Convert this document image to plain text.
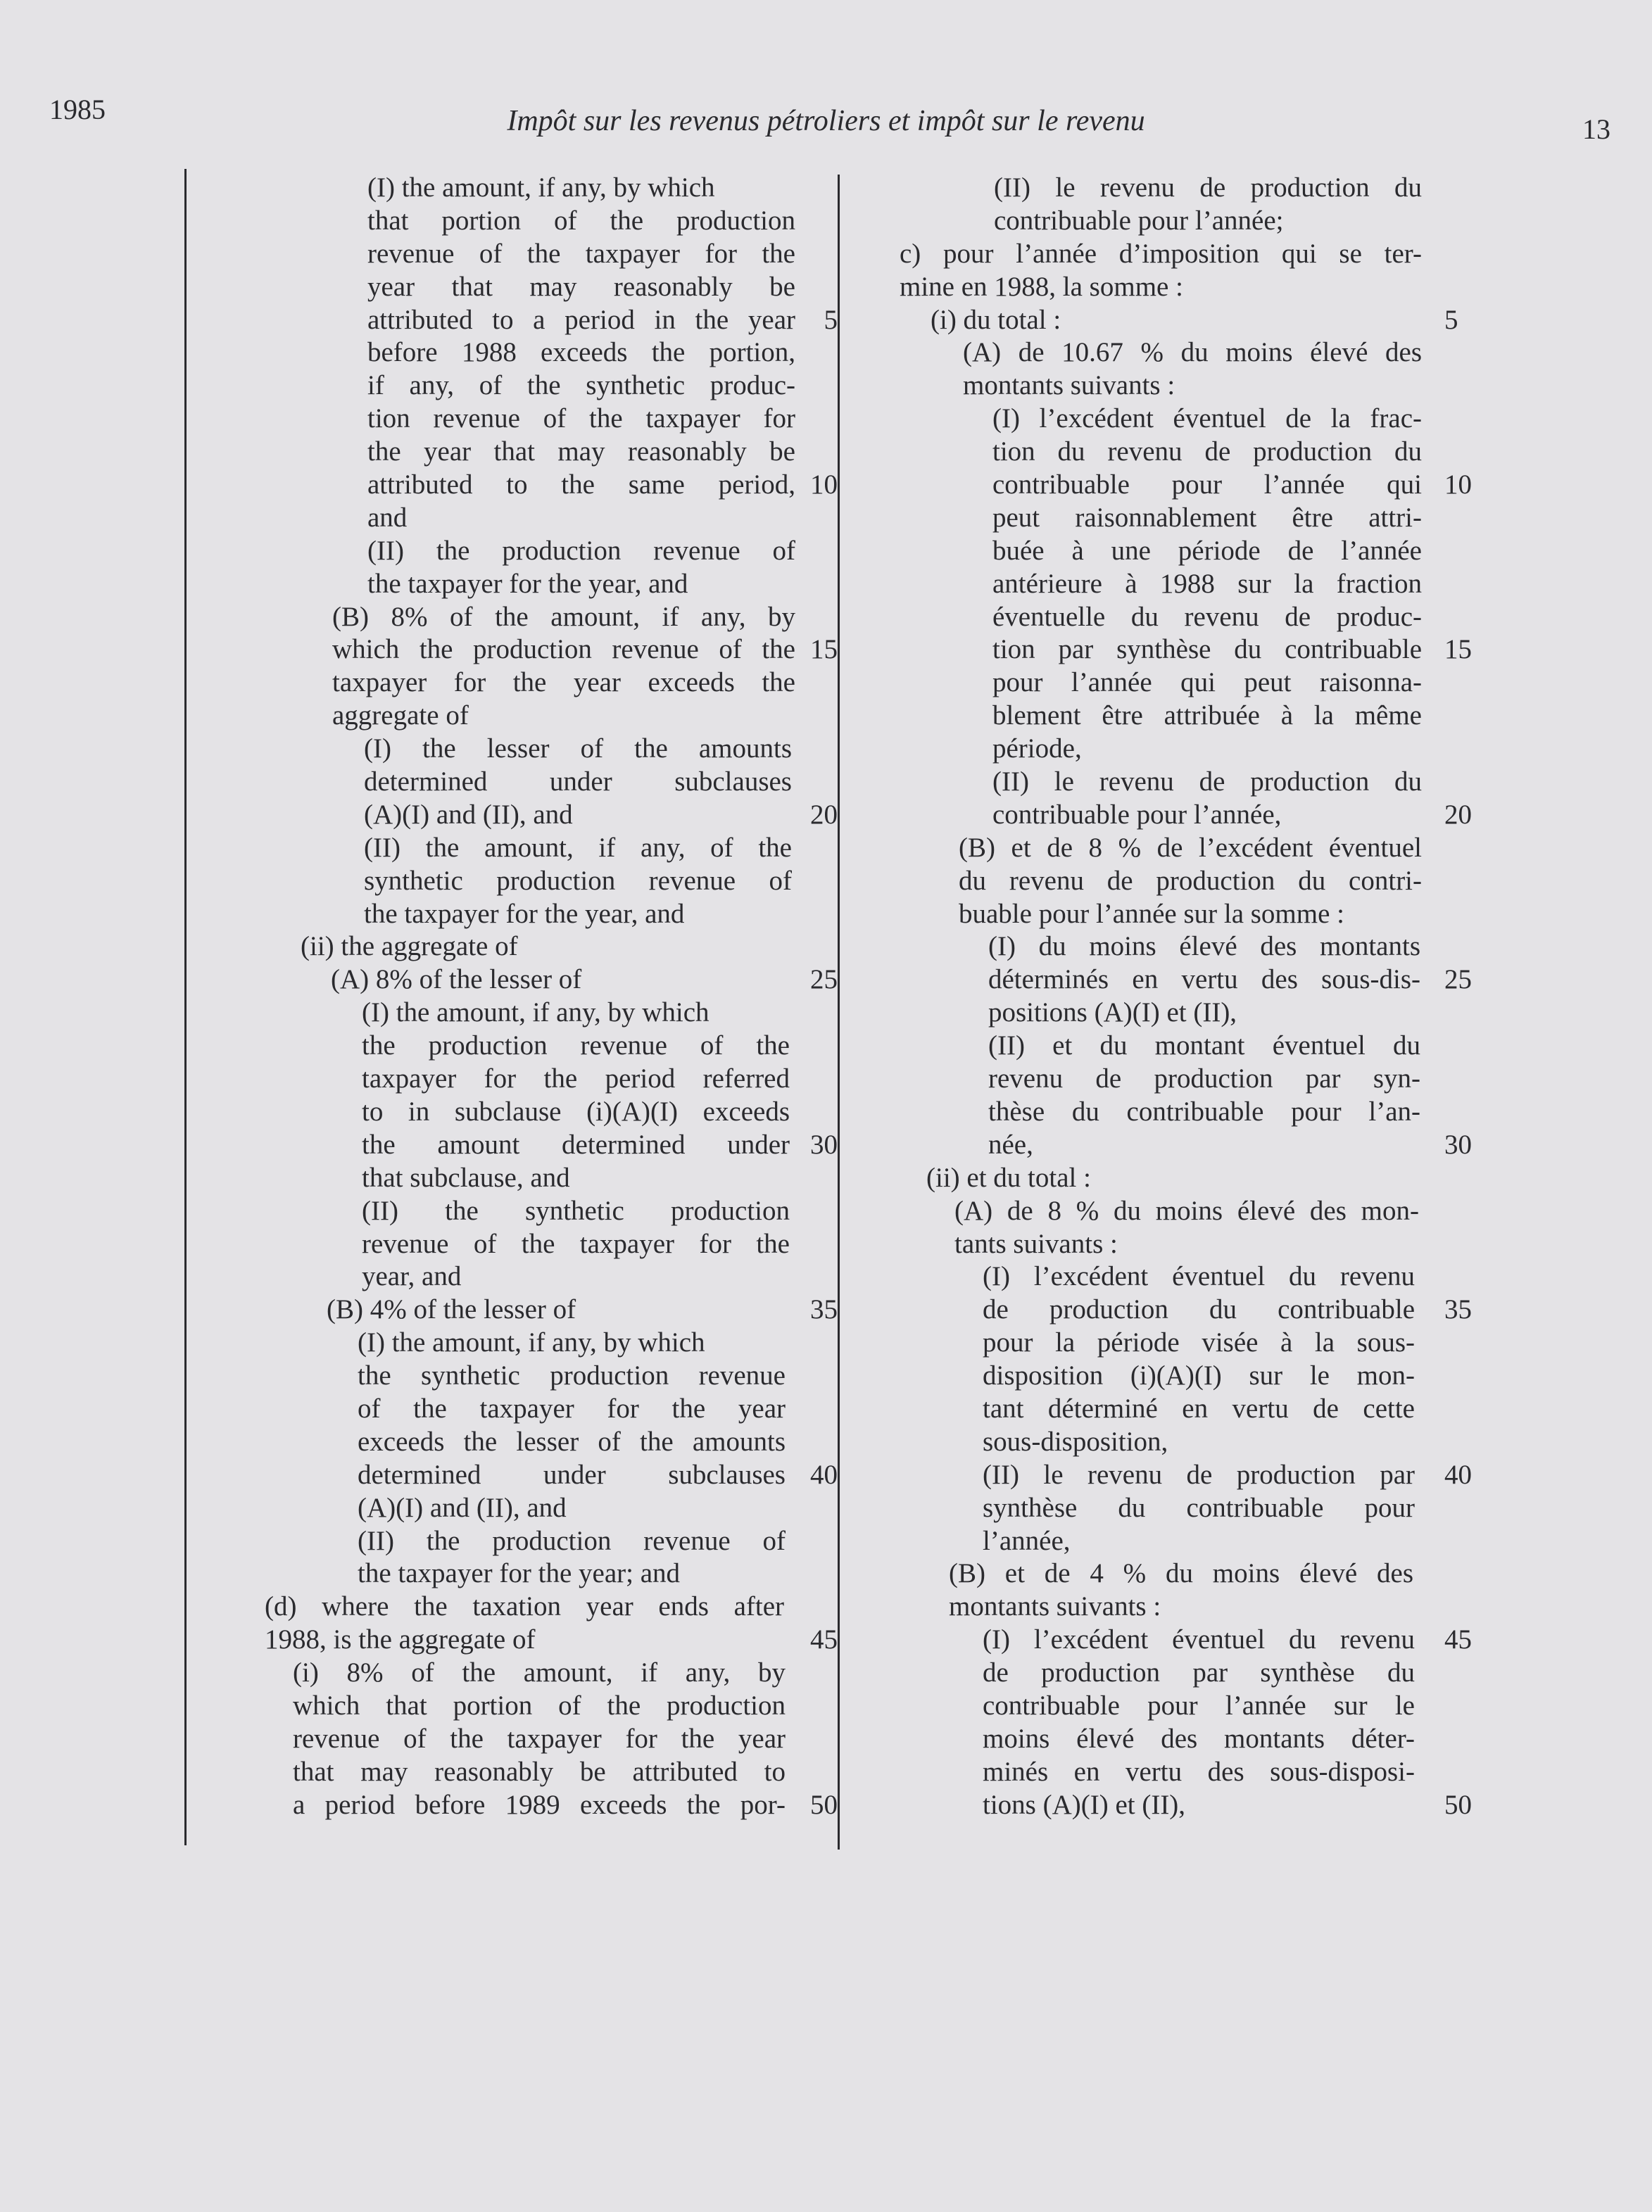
1985	Impôt sur les revenus pétroliers et impôt sur le revenu	13
(I) the amount, if any, by which
that portion of the production
revenue of the taxpayer for the
year that may reasonably be
attributed to a period in the year 5
before 1988 exceeds the portion,
if any, of the synthetic produc-
tion revenue of the taxpayer for
the year that may reasonably be
attributed to the same period, 10
and
(II) the production revenue of
the taxpayer for the year, and
(B) 8% of the amount, if any, by
which the production revenue of the 15
taxpayer for the year exceeds the
aggregate of
(I) the lesser of the amounts
determined under subclauses
(A)(I) and (II), and	20
(II) the amount, if any, of the
synthetic production revenue of
the taxpayer for the year, and
(ii) the aggregate of
(A) 8% of the lesser of	25
(I) the amount, if any, by which
the production revenue of the
taxpayer for the period referred
to in subclause (i)(A)(I) exceeds
the amount determined under 30
that subclause, and
(II) the synthetic production
revenue of the taxpayer for the
year, and
(B) 4% of the lesser of	35
(I) the amount, if any, by which
the synthetic production revenue
of the taxpayer for the year
exceeds the lesser of the amounts
determined under subclauses 40
(A)(I) and (II), and
(II) the production revenue of
the taxpayer for the year; and
(d) where the taxation year ends after
1988, is the aggregate of	45
(i) 8% of the amount, if any, by
which that portion of the production
revenue of the taxpayer for the year
that may reasonably be attributed to
a period before 1989 exceeds the por- 50
(II) le revenu de production du
contribuable pour l’année;
c) pour l’année d’imposition qui se ter-
mine en 1988, la somme :
(i) du total :	5
(A) de 10.67 % du moins élevé des
montants suivants :
(I) l’excédent éventuel de la frac-
tion du revenu de production du
contribuable pour l’année qui 10
peut raisonnablement être attri-
buée à une période de l’année
antérieure à 1988 sur la fraction
éventuelle du revenu de produc-
tion par synthèse du contribuable 15
pour l’année qui peut raisonna-
blement être attribuée à la même
période,
(II) le revenu de production du
contribuable pour l’année,	20
(B) et de 8 % de l’excédent éventuel
du revenu de production du contri-
buable pour l’année sur la somme :
(I) du moins élevé des montants
déterminés en vertu des sous-dis- 25
positions (A)(I) et (II),
(II) et du montant éventuel du
revenu de production par syn-
thèse du contribuable pour l’an-
née,	30
(ii) et du total :
(A) de 8 % du moins élevé des mon-
tants suivants :
(I) l’excédent éventuel du revenu
de production du contribuable 35
pour la période visée à la sous-
disposition (i)(A)(I) sur le mon-
tant déterminé en vertu de cette
sous-disposition,
(II) le revenu de production par 40
synthèse du contribuable pour
l’année,
(B) et de 4 % du moins élevé des
montants suivants :
(I) l’excédent éventuel du revenu 45
de production par synthèse du
contribuable pour l’année sur le
moins élevé des montants déter-
minés en vertu des sous-disposi-
tions (A)(I) et (II),	50
